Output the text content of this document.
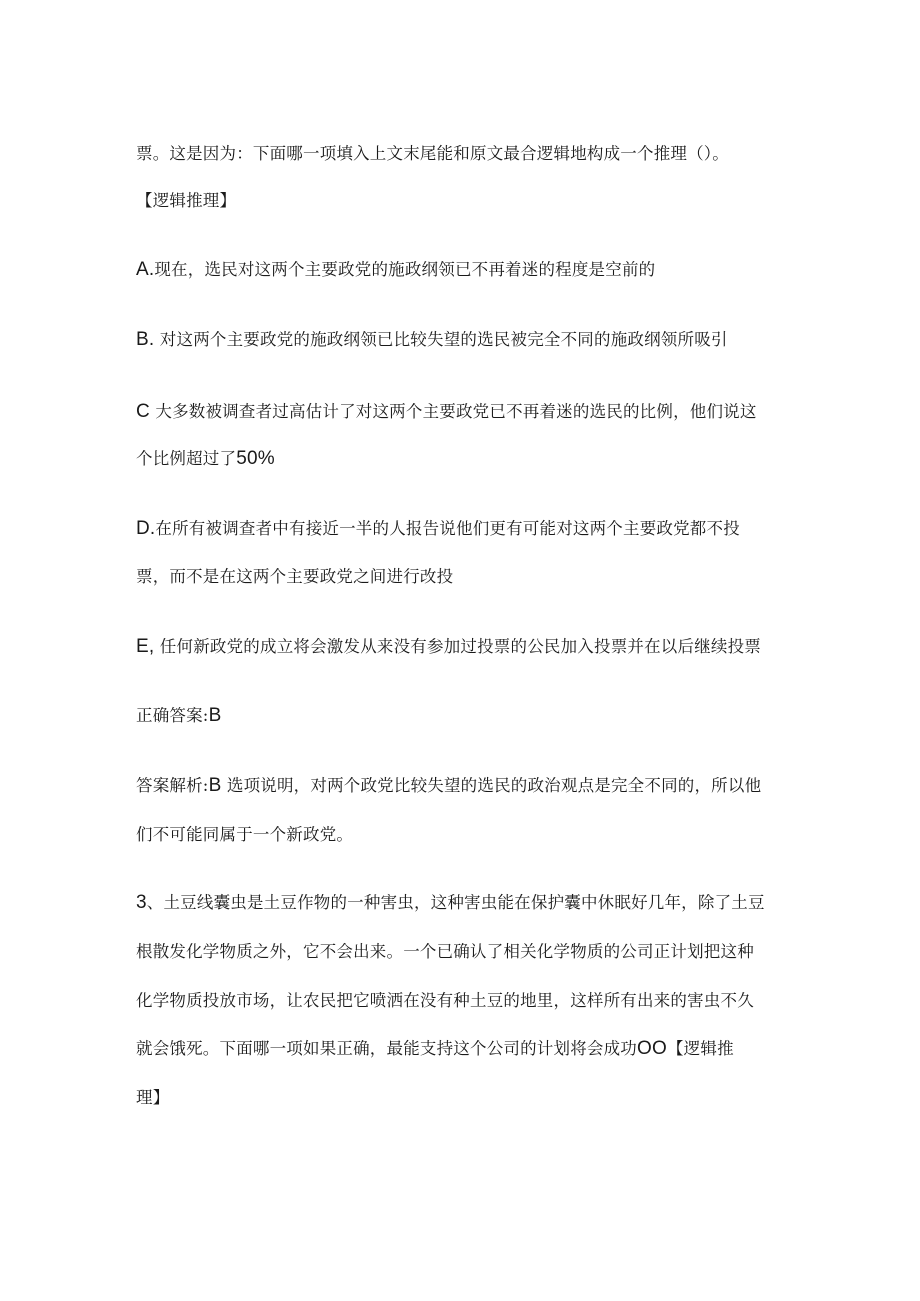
票。这是因为：下面哪一项填入上文末尾能和原文最合逻辑地构成一个推理（）。
【逻辑推理】
A.现在，选民对这两个主要政党的施政纲领已不再着迷的程度是空前的
B. 对这两个主要政党的施政纲领已比较失望的选民被完全不同的施政纲领所吸引
C 大多数被调查者过高估计了对这两个主要政党已不再着迷的选民的比例，他们说这
个比例超过了50%
D.在所有被调查者中有接近一半的人报告说他们更有可能对这两个主要政党都不投
票，而不是在这两个主要政党之间进行改投
E, 任何新政党的成立将会激发从来没有参加过投票的公民加入投票并在以后继续投票
正确答案:B
答案解析:B 选项说明，对两个政党比较失望的选民的政治观点是完全不同的，所以他
们不可能同属于一个新政党。
3、土豆线囊虫是土豆作物的一种害虫，这种害虫能在保护囊中休眠好几年，除了土豆
根散发化学物质之外，它不会出来。一个已确认了相关化学物质的公司正计划把这种
化学物质投放市场，让农民把它喷洒在没有种土豆的地里，这样所有出来的害虫不久
就会饿死。下面哪一项如果正确，最能支持这个公司的计划将会成功OO【逻辑推
理】
